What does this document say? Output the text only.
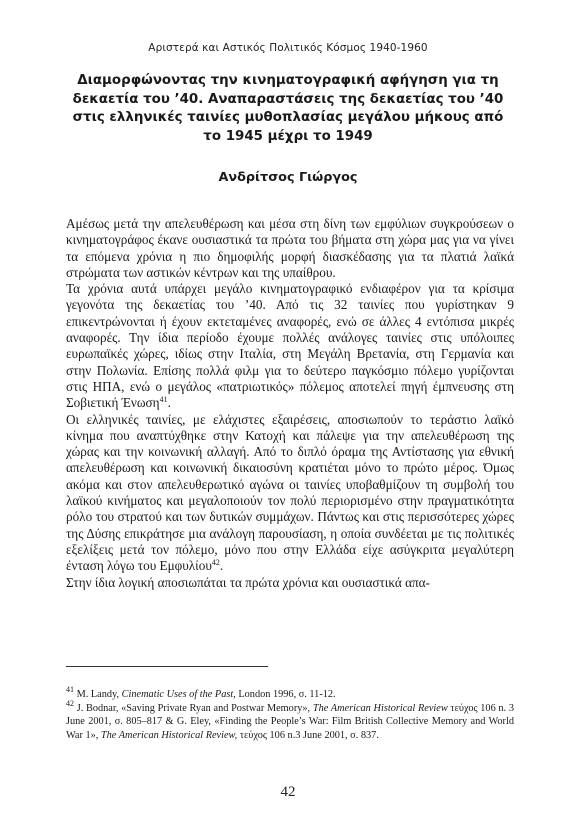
Αριστερά και Αστικός Πολιτικός Κόσμος 1940-1960
Διαμορφώνοντας την κινηματογραφική αφήγηση για τη δεκαετία του ’40. Αναπαραστάσεις της δεκαετίας του ’40 στις ελληνικές ταινίες μυθοπλασίας μεγάλου μήκους από το 1945 μέχρι το 1949
Ανδρίτσος Γιώργος

Αμέσως μετά την απελευθέρωση και μέσα στη δίνη των εμφύλιων συγκρούσεων ο κινηματογράφος έκανε ουσιαστικά τα πρώτα του βήματα στη χώρα μας για να γίνει τα επόμενα χρόνια η πιο δημοφιλής μορφή διασκέδασης για τα πλατιά λαϊκά στρώματα των αστικών κέντρων και της υπαίθρου.

Τα χρόνια αυτά υπάρχει μεγάλο κινηματογραφικό ενδιαφέρον για τα κρίσιμα γεγονότα της δεκαετίας του ’40. Από τις 32 ταινίες που γυρίστηκαν 9 επικεντρώνονται ή έχουν εκτεταμένες αναφορές, ενώ σε άλλες 4 εντόπισα μικρές αναφορές. Την ίδια περίοδο έχουμε πολλές ανάλογες ταινίες στις υπόλοιπες ευρωπαϊκές χώρες, ιδίως στην Ιταλία, στη Μεγάλη Βρετανία, στη Γερμανία και στην Πολωνία. Επίσης πολλά φιλμ για το δεύτερο παγκόσμιο πόλεμο γυρίζονται στις ΗΠΑ, ενώ ο μεγάλος «πατριωτικός» πόλεμος αποτελεί πηγή έμπνευσης στη Σοβιετική Ένωση$^{41}$.

Οι ελληνικές ταινίες, με ελάχιστες εξαιρέσεις, αποσιωπούν το τεράστιο λαϊκό κίνημα που αναπτύχθηκε στην Κατοχή και πάλεψε για την απελευθέρωση της χώρας και την κοινωνική αλλαγή. Από το διπλό όραμα της Αντίστασης για εθνική απελευθέρωση και κοινωνική δικαιοσύνη κρατιέται μόνο το πρώτο μέρος. Όμως ακόμα και στον απελευθερωτικό αγώνα οι ταινίες υποβαθμίζουν τη συμβολή του λαϊκού κινήματος και μεγαλοποιούν τον πολύ περιορισμένο στην πραγματικότητα ρόλο του στρατού και των δυτικών συμμάχων. Πάντως και στις περισσότερες χώρες της Δύσης επικράτησε μια ανάλογη παρουσίαση, η οποία συνδέεται με τις πολιτικές εξελίξεις μετά τον πόλεμο, μόνο που στην Ελλάδα είχε ασύγκριτα μεγαλύτερη ένταση λόγω του Εμφυλίου$^{42}$.

Στην ίδια λογική αποσιωπάται τα πρώτα χρόνια και ουσιαστικά απα-

$^{41}$ M. Landy, Cinematic Uses of the Past, London 1996, σ. 11-12.

$^{42}$ J. Bodnar, «Saving Private Ryan and Postwar Memory», The American Historical Review τεύχος 106 n. 3 June 2001, σ. 805–817 & G. Eley, «Finding the People’s War: Film British Collective Memory and World War 1», The American Historical Review, τεύχος 106 n.3 June 2001, σ. 837.

42
